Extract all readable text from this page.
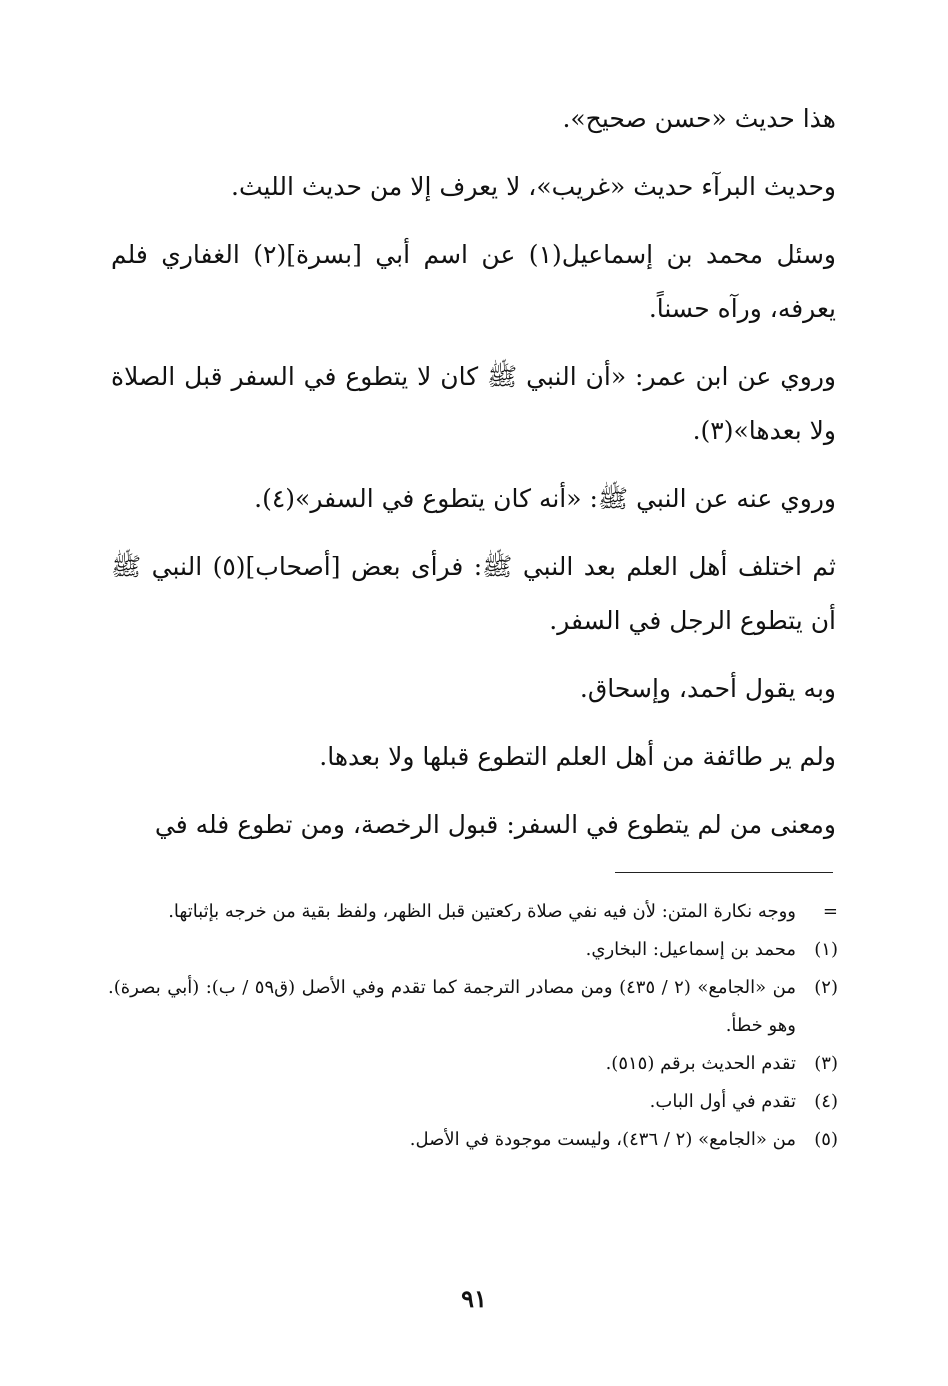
هذا حديث «حسن صحيح».

وحديث البرآء حديث «غريب»، لا يعرف إلا من حديث الليث.

وسئل محمد بن إسماعيل(١) عن اسم أبي [بسرة](٢) الغفاري فلم يعرفه، ورآه حسناً.

وروي عن ابن عمر: «أن النبي ﷺ كان لا يتطوع في السفر قبل الصلاة ولا بعدها»(٣).

وروي عنه عن النبي ﷺ: «أنه كان يتطوع في السفر»(٤).

ثم اختلف أهل العلم بعد النبي ﷺ: فرأى بعض [أصحاب](٥) النبي ﷺ أن يتطوع الرجل في السفر.

وبه يقول أحمد، وإسحاق.

ولم ير طائفة من أهل العلم التطوع قبلها ولا بعدها.

ومعنى من لم يتطوع في السفر: قبول الرخصة، ومن تطوع فله في

=
ووجه نكارة المتن: لأن فيه نفي صلاة ركعتين قبل الظهر، ولفظ بقية من خرجه بإثباتها.

(١)
محمد بن إسماعيل: البخاري.

(٢)
من «الجامع» (٢ / ٤٣٥) ومن مصادر الترجمة كما تقدم وفي الأصل (ق٥٩ / ب): (أبي بصرة). وهو خطأ.

(٣)
تقدم الحديث برقم (٥١٥).

(٤)
تقدم في أول الباب.

(٥)
من «الجامع» (٢ / ٤٣٦)، وليست موجودة في الأصل.

٩١
